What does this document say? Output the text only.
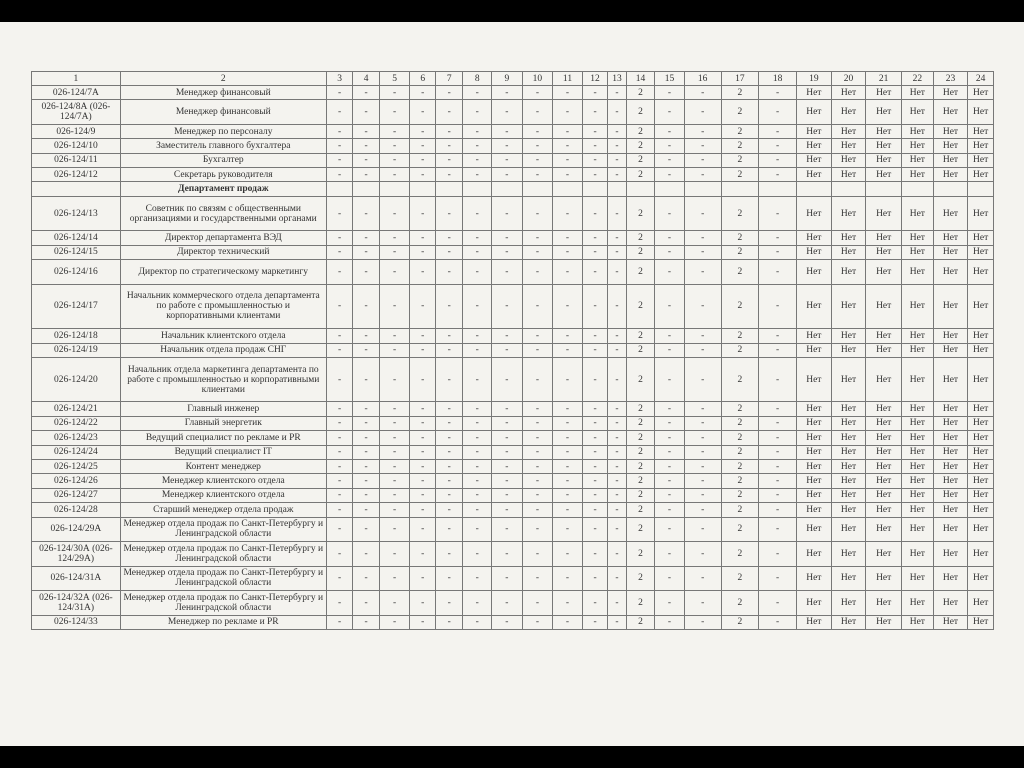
1	2	3	4	5	6	7	8	9	10	11	12	13	14	15	16	17	18	19	20	21	22	23	24
026-124/7А	Менеджер финансовый	-	-	-	-	-	-	-	-	-	-	-	2	-	-	2	-	Нет	Нет	Нет	Нет	Нет	Нет
026-124/8А (026-124/7А)	Менеджер финансовый	-	-	-	-	-	-	-	-	-	-	-	2	-	-	2	-	Нет	Нет	Нет	Нет	Нет	Нет
026-124/9	Менеджер по персоналу	-	-	-	-	-	-	-	-	-	-	-	2	-	-	2	-	Нет	Нет	Нет	Нет	Нет	Нет
026-124/10	Заместитель главного бухгалтера	-	-	-	-	-	-	-	-	-	-	-	2	-	-	2	-	Нет	Нет	Нет	Нет	Нет	Нет
026-124/11	Бухгалтер	-	-	-	-	-	-	-	-	-	-	-	2	-	-	2	-	Нет	Нет	Нет	Нет	Нет	Нет
026-124/12	Секретарь руководителя	-	-	-	-	-	-	-	-	-	-	-	2	-	-	2	-	Нет	Нет	Нет	Нет	Нет	Нет
	Департамент продаж																						
026-124/13	Советник по связям с общественными организациями и государственными органами	-	-	-	-	-	-	-	-	-	-	-	2	-	-	2	-	Нет	Нет	Нет	Нет	Нет	Нет
026-124/14	Директор департамента ВЭД	-	-	-	-	-	-	-	-	-	-	-	2	-	-	2	-	Нет	Нет	Нет	Нет	Нет	Нет
026-124/15	Директор технический	-	-	-	-	-	-	-	-	-	-	-	2	-	-	2	-	Нет	Нет	Нет	Нет	Нет	Нет
026-124/16	Директор по стратегическому маркетингу	-	-	-	-	-	-	-	-	-	-	-	2	-	-	2	-	Нет	Нет	Нет	Нет	Нет	Нет
026-124/17	Начальник коммерческого отдела департамента по работе с промышленностью и корпоративными клиентами	-	-	-	-	-	-	-	-	-	-	-	2	-	-	2	-	Нет	Нет	Нет	Нет	Нет	Нет
026-124/18	Начальник клиентского отдела	-	-	-	-	-	-	-	-	-	-	-	2	-	-	2	-	Нет	Нет	Нет	Нет	Нет	Нет
026-124/19	Начальник отдела продаж СНГ	-	-	-	-	-	-	-	-	-	-	-	2	-	-	2	-	Нет	Нет	Нет	Нет	Нет	Нет
026-124/20	Начальник отдела маркетинга департамента по работе с промышленностью и корпоративными клиентами	-	-	-	-	-	-	-	-	-	-	-	2	-	-	2	-	Нет	Нет	Нет	Нет	Нет	Нет
026-124/21	Главный инженер	-	-	-	-	-	-	-	-	-	-	-	2	-	-	2	-	Нет	Нет	Нет	Нет	Нет	Нет
026-124/22	Главный энергетик	-	-	-	-	-	-	-	-	-	-	-	2	-	-	2	-	Нет	Нет	Нет	Нет	Нет	Нет
026-124/23	Ведущий специалист по рекламе и PR	-	-	-	-	-	-	-	-	-	-	-	2	-	-	2	-	Нет	Нет	Нет	Нет	Нет	Нет
026-124/24	Ведущий специалист IT	-	-	-	-	-	-	-	-	-	-	-	2	-	-	2	-	Нет	Нет	Нет	Нет	Нет	Нет
026-124/25	Контент менеджер	-	-	-	-	-	-	-	-	-	-	-	2	-	-	2	-	Нет	Нет	Нет	Нет	Нет	Нет
026-124/26	Менеджер клиентского отдела	-	-	-	-	-	-	-	-	-	-	-	2	-	-	2	-	Нет	Нет	Нет	Нет	Нет	Нет
026-124/27	Менеджер клиентского отдела	-	-	-	-	-	-	-	-	-	-	-	2	-	-	2	-	Нет	Нет	Нет	Нет	Нет	Нет
026-124/28	Старший менеджер отдела продаж	-	-	-	-	-	-	-	-	-	-	-	2	-	-	2	-	Нет	Нет	Нет	Нет	Нет	Нет
026-124/29А	Менеджер отдела продаж по Санкт-Петербургу и Ленинградской области	-	-	-	-	-	-	-	-	-	-	-	2	-	-	2	-	Нет	Нет	Нет	Нет	Нет	Нет
026-124/30А (026-124/29А)	Менеджер отдела продаж по Санкт-Петербургу и Ленинградской области	-	-	-	-	-	-	-	-	-	-	-	2	-	-	2	-	Нет	Нет	Нет	Нет	Нет	Нет
026-124/31А	Менеджер отдела продаж по Санкт-Петербургу и Ленинградской области	-	-	-	-	-	-	-	-	-	-	-	2	-	-	2	-	Нет	Нет	Нет	Нет	Нет	Нет
026-124/32А (026-124/31А)	Менеджер отдела продаж по Санкт-Петербургу и Ленинградской области	-	-	-	-	-	-	-	-	-	-	-	2	-	-	2	-	Нет	Нет	Нет	Нет	Нет	Нет
026-124/33	Менеджер по рекламе и PR	-	-	-	-	-	-	-	-	-	-	-	2	-	-	2	-	Нет	Нет	Нет	Нет	Нет	Нет
